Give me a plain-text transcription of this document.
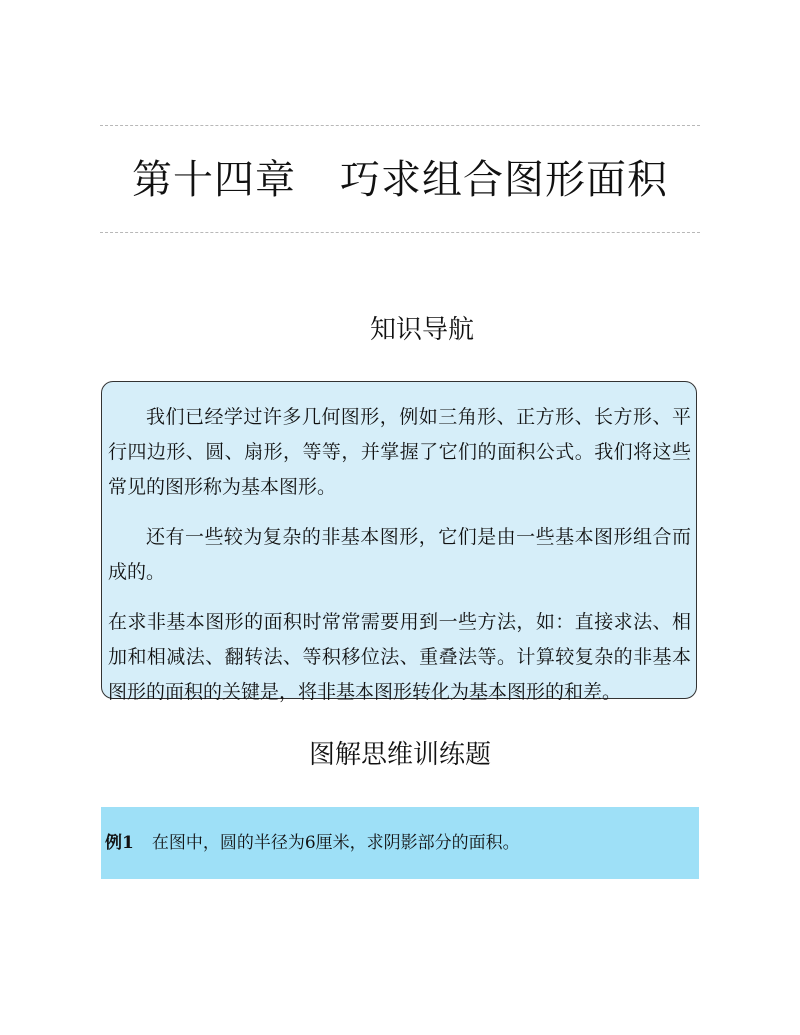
第十四章 巧求组合图形面积
知识导航

我们已经学过许多几何图形，例如三角形、正方形、长方形、平行四边形、圆、扇形，等等，并掌握了它们的面积公式。我们将这些常见的图形称为基本图形。

还有一些较为复杂的非基本图形，它们是由一些基本图形组合而成的。

在求非基本图形的面积时常常需要用到一些方法，如：直接求法、相加和相减法、翻转法、等积移位法、重叠法等。计算较复杂的非基本图形的面积的关键是，将非基本图形转化为基本图形的和差。

图解思维训练题
例1 在图中，圆的半径为6厘米，求阴影部分的面积。
